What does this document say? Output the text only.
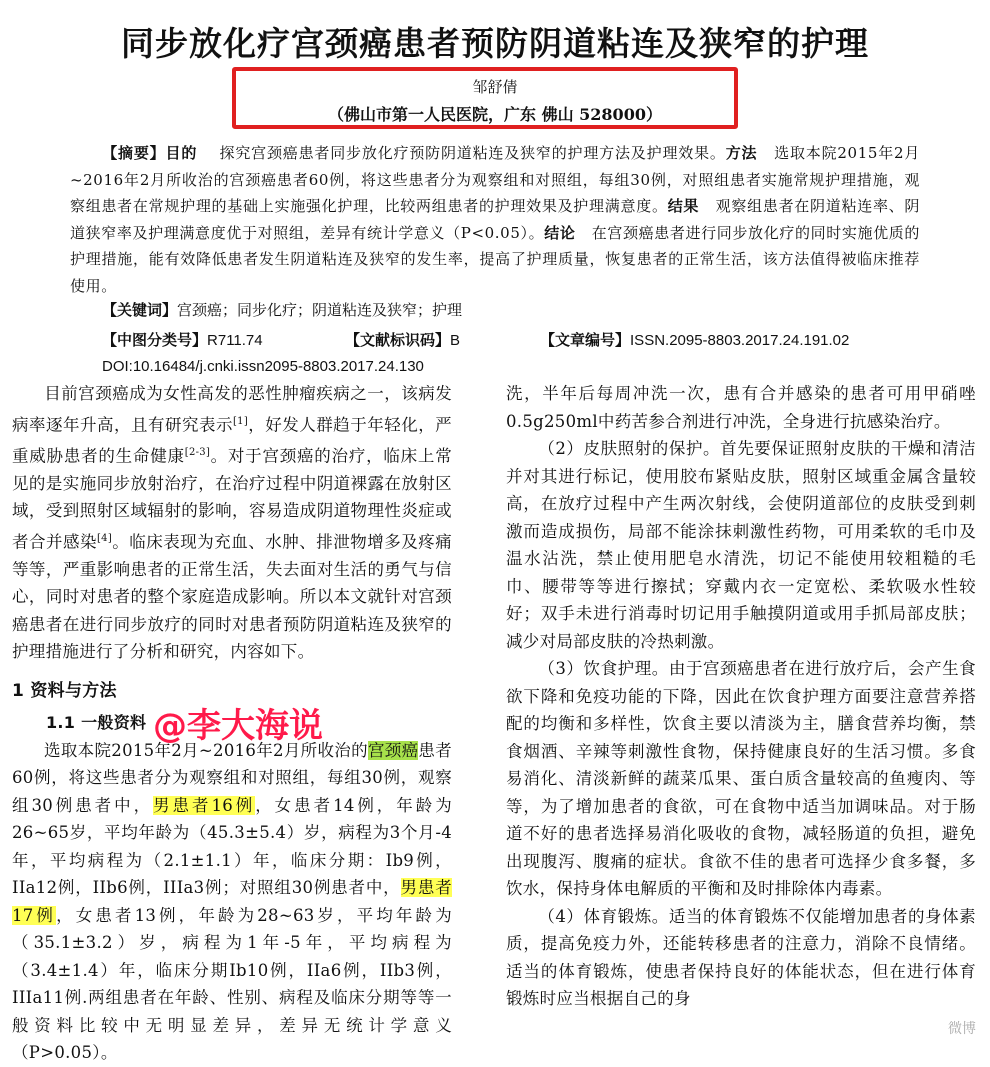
同步放化疗宫颈癌患者预防阴道粘连及狭窄的护理
邹舒倩
（佛山市第一人民医院，广东 佛山 528000）
【摘要】目的 探究宫颈癌患者同步放化疗预防阴道粘连及狭窄的护理方法及护理效果。方法 选取本院2015年2月~2016年2月所收治的宫颈癌患者60例，将这些患者分为观察组和对照组，每组30例，对照组患者实施常规护理措施，观察组患者在常规护理的基础上实施强化护理，比较两组患者的护理效果及护理满意度。结果 观察组患者在阴道粘连率、阴道狭窄率及护理满意度优于对照组，差异有统计学意义（P<0.05）。结论 在宫颈癌患者进行同步放化疗的同时实施优质的护理措施，能有效降低患者发生阴道粘连及狭窄的发生率，提高了护理质量，恢复患者的正常生活，该方法值得被临床推荐使用。
【关键词】宫颈癌；同步化疗；阴道粘连及狭窄；护理
【中图分类号】R711.74	【文献标识码】B	【文章编号】ISSN.2095-8803.2017.24.191.02
DOI:10.16484/j.cnki.issn2095-8803.2017.24.130

目前宫颈癌成为女性高发的恶性肿瘤疾病之一，该病发病率逐年升高，且有研究表示[1]，好发人群趋于年轻化，严重威胁患者的生命健康[2-3]。对于宫颈癌的治疗，临床上常见的是实施同步放射治疗，在治疗过程中阴道裸露在放射区域，受到照射区域辐射的影响，容易造成阴道物理性炎症或者合并感染[4]。临床表现为充血、水肿、排泄物增多及疼痛等等，严重影响患者的正常生活，失去面对生活的勇气与信心，同时对患者的整个家庭造成影响。所以本文就针对宫颈癌患者在进行同步放疗的同时对患者预防阴道粘连及狭窄的护理措施进行了分析和研究，内容如下。

1 资料与方法
1.1 一般资料

选取本院2015年2月~2016年2月所收治的宫颈癌患者60例，将这些患者分为观察组和对照组，每组30例，观察组30例患者中，男患者16例，女患者14例，年龄为26~65岁，平均年龄为（45.3±5.4）岁，病程为3个月-4年，平均病程为（2.1±1.1）年，临床分期：Ib9例，IIa12例，IIb6例，IIIa3例；对照组30例患者中，男患者17例，女患者13例，年龄为28~63岁，平均年龄为（35.1±3.2）岁，病程为1年-5年，平均病程为（3.4±1.4）年，临床分期Ib10例，IIa6例，IIb3例，IIIa11例.两组患者在年龄、性别、病程及临床分期等等一般资料比较中无明显差异，差异无统计学意义（P>0.05）。

@李大海说

洗，半年后每周冲洗一次，患有合并感染的患者可用甲硝唑0.5g250ml中药苦参合剂进行冲洗，全身进行抗感染治疗。

（2）皮肤照射的保护。首先要保证照射皮肤的干燥和清洁并对其进行标记，使用胶布紧贴皮肤，照射区域重金属含量较高，在放疗过程中产生两次射线，会使阴道部位的皮肤受到刺激而造成损伤，局部不能涂抹刺激性药物，可用柔软的毛巾及温水沾洗，禁止使用肥皂水清洗，切记不能使用较粗糙的毛巾、腰带等等进行擦拭；穿戴内衣一定宽松、柔软吸水性较好；双手未进行消毒时切记用手触摸阴道或用手抓局部皮肤；减少对局部皮肤的冷热刺激。

（3）饮食护理。由于宫颈癌患者在进行放疗后，会产生食欲下降和免疫功能的下降，因此在饮食护理方面要注意营养搭配的均衡和多样性，饮食主要以清淡为主，膳食营养均衡，禁食烟酒、辛辣等刺激性食物，保持健康良好的生活习惯。多食易消化、清淡新鲜的蔬菜瓜果、蛋白质含量较高的鱼瘦肉、等等，为了增加患者的食欲，可在食物中适当加调味品。对于肠道不好的患者选择易消化吸收的食物，减轻肠道的负担，避免出现腹泻、腹痛的症状。食欲不佳的患者可选择少食多餐，多饮水，保持身体电解质的平衡和及时排除体内毒素。

（4）体育锻炼。适当的体育锻炼不仅能增加患者的身体素质，提高免疫力外，还能转移患者的注意力，消除不良情绪。适当的体育锻炼，使患者保持良好的体能状态，但在进行体育锻炼时应当根据自己的身

微博
